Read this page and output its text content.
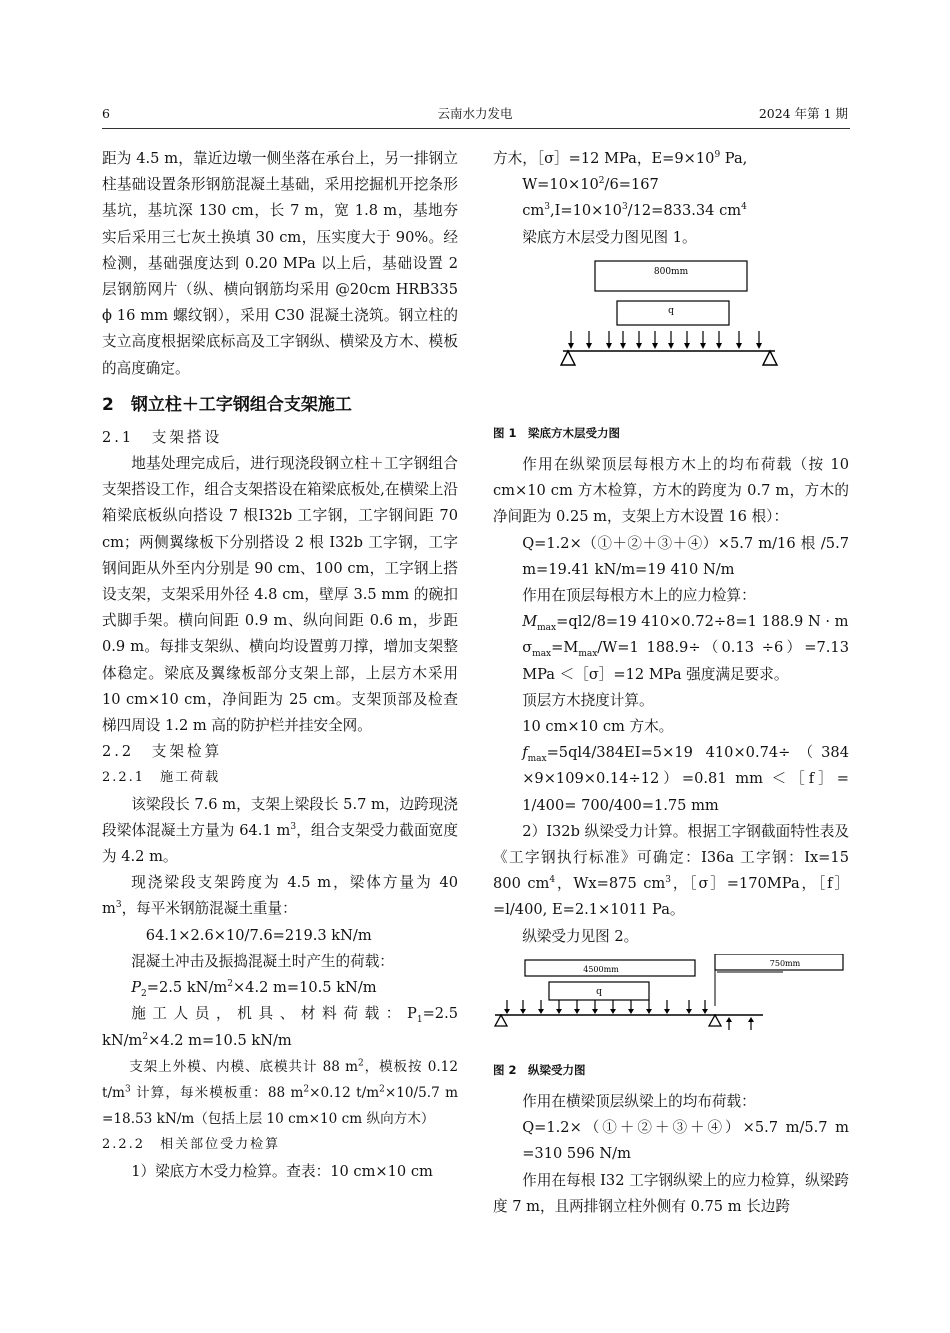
6	云南水力发电	2024 年第 1 期

距为 4.5 m，靠近边墩一侧坐落在承台上，另一排钢立柱基础设置条形钢筋混凝土基础，采用挖掘机开挖条形基坑，基坑深 130 cm，长 7 m，宽 1.8 m，基地夯实后采用三七灰土换填 30 cm，压实度大于 90%。经检测，基础强度达到 0.20 MPa 以上后，基础设置 2 层钢筋网片（纵、横向钢筋均采用 @20cm HRB335 ϕ 16 mm 螺纹钢），采用 C30 混凝土浇筑。钢立柱的支立高度根据梁底标高及工字钢纵、横梁及方木、模板的高度确定。

2　钢立柱＋工字钢组合支架施工

2.1　支架搭设

地基处理完成后，进行现浇段钢立柱＋工字钢组合支架搭设工作，组合支架搭设在箱梁底板处,在横梁上沿箱梁底板纵向搭设 7 根I32b 工字钢，工字钢间距 70 cm；两侧翼缘板下分别搭设 2 根 I32b 工字钢，工字钢间距从外至内分别是 90 cm、100 cm，工字钢上搭设支架，支架采用外径 4.8 cm，壁厚 3.5 mm 的碗扣式脚手架。横向间距 0.9 m、纵向间距 0.6 m，步距 0.9 m。每排支架纵、横向均设置剪刀撑，增加支架整体稳定。梁底及翼缘板部分支架上部，上层方木采用 10 cm×10 cm，净间距为 25 cm。支架顶部及检查梯四周设 1.2 m 高的防护栏并挂安全网。

2.2　支架检算

2.2.1　施工荷载

该梁段长 7.6 m，支架上梁段长 5.7 m，边跨现浇段梁体混凝土方量为 64.1 $m^3$，组合支架受力截面宽度为 4.2 m。

现浇梁段支架跨度为 4.5 m，梁体方量为 40 $m^3$，每平米钢筋混凝土重量：

64.1×2.6×10/7.6=219.3 kN/m

混凝土冲击及振捣混凝土时产生的荷载：

$P_2=2.5$ $kN/m^2\times 4.2$ m=10.5 kN/m

施工人员，机具、材料荷载：$P_1=2.5$ $kN/m^2\times 4.2$ m=10.5 kN/m

支架上外模、内模、底模共计 88 $m^2$，模板按 0.12 $t/m^3$ 计算，每米模板重：88 $m^2\times 0.12$ $t/m^2\times 10/5.7$ m =18.53 kN/m（包括上层 10 cm×10 cm 纵向方木）

2.2.2　相关部位受力检算

1）梁底方木受力检算。查表：10 cm×10 cm

方木，［σ］=12 MPa，$E=9\times 10^9$ Pa,

$W=10\times 10^2/6=167$ $cm^3,I=10\times 10^3/12=833.34$ $cm^4$

梁底方木层受力图见图 1。

800mm
q

图 1　梁底方木层受力图

作用在纵梁顶层每根方木上的均布荷载（按 10 cm×10 cm 方木检算，方木的跨度为 0.7 m，方木的净间距为 0.25 m，支架上方木设置 16 根）：

Q=1.2×（①＋②＋③＋④）×5.7 m/16 根 /5.7 m=19.41 kN/m=19 410 N/m

作用在顶层每根方木上的应力检算：

$M_{max}=ql2/8=19$ 410×0.72÷8=1 188.9 N · m

$\sigma_{max}=M_{max}/W=1$ 188.9÷（0.13 ÷6）=7.13 MPa ＜［σ］=12 MPa 强度满足要求。

顶层方木挠度计算。

10 cm×10 cm 方木。

$f_{max}=5ql4/384EI=5\times 19$ 410×0.74÷（384 ×9×109×0.14÷12）=0.81 mm ＜［f］= 1/400= 700/400=1.75 mm

2）I32b 纵梁受力计算。根据工字钢截面特性表及《工字钢执行标准》可确定：I36a 工字钢：Ix=15 800 $cm^4$，Wx=875 $cm^3$，［σ］=170MPa，［f］ =l/400, E=2.1×1011 Pa。

纵梁受力见图 2。

4500mm
750mm
q

图 2　纵梁受力图

作用在横梁顶层纵梁上的均布荷载：

Q=1.2×（①＋②＋③＋④）×5.7 m/5.7 m =310 596 N/m

作用在每根 I32 工字钢纵梁上的应力检算，纵梁跨度 7 m，且两排钢立柱外侧有 0.75 m 长边跨
